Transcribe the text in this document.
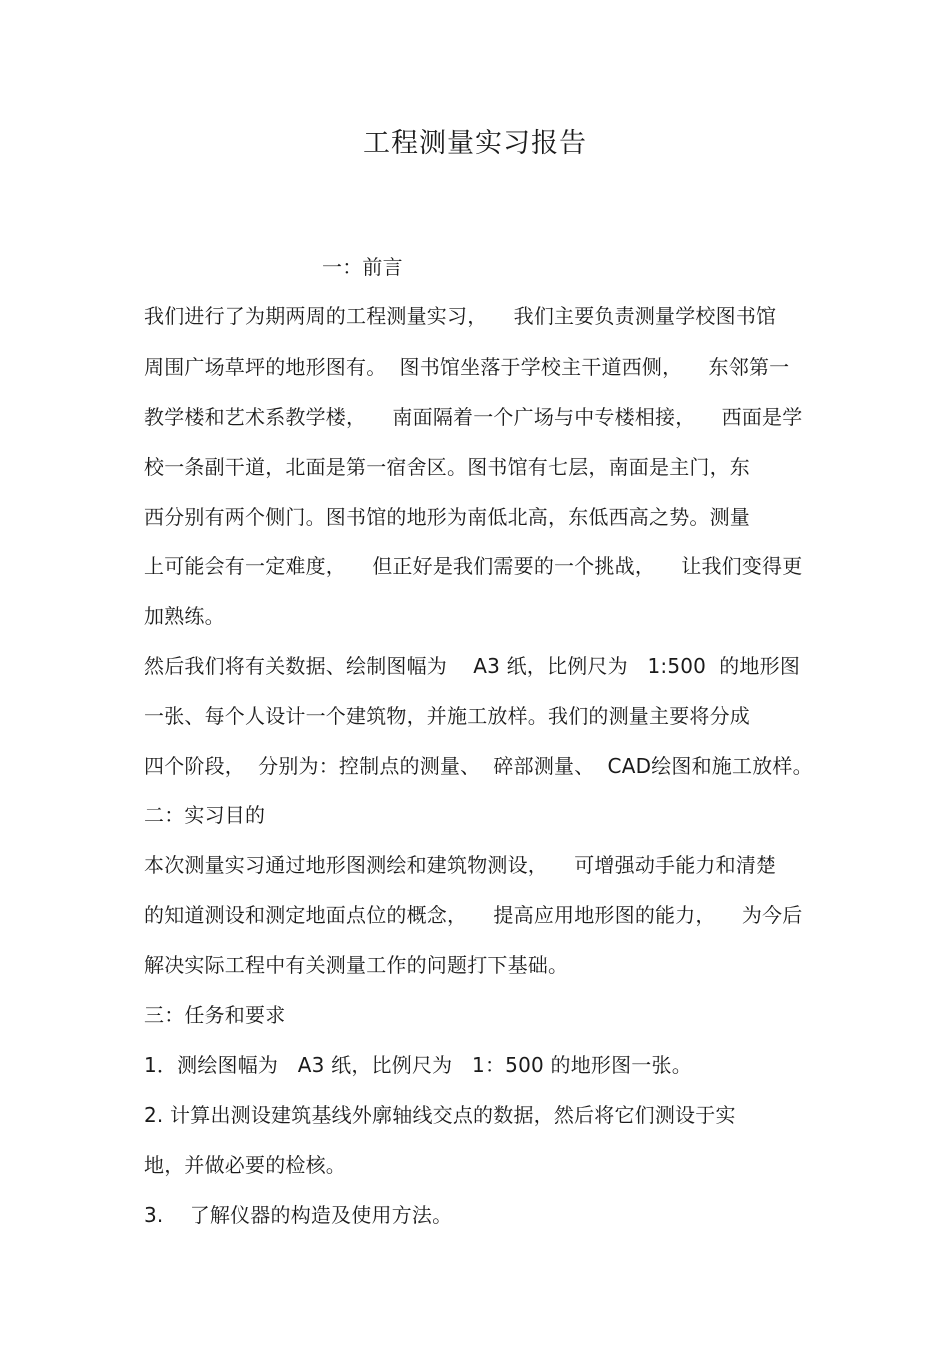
工程测量实习报告
一：前言
我们进行了为期两周的工程测量实习，    我们主要负责测量学校图书馆
周围广场草坪的地形图有。  图书馆坐落于学校主干道西侧，    东邻第一
教学楼和艺术系教学楼，    南面隔着一个广场与中专楼相接，    西面是学
校一条副干道，北面是第一宿舍区。图书馆有七层，南面是主门，东
西分别有两个侧门。图书馆的地形为南低北高，东低西高之势。测量
上可能会有一定难度，    但正好是我们需要的一个挑战，    让我们变得更
加熟练。
然后我们将有关数据、绘制图幅为    A3 纸，比例尺为   1:500  的地形图
一张、每个人设计一个建筑物，并施工放样。我们的测量主要将分成
四个阶段，  分别为：控制点的测量、  碎部测量、  CAD绘图和施工放样。
二：实习目的
本次测量实习通过地形图测绘和建筑物测设，    可增强动手能力和清楚
的知道测设和测定地面点位的概念，    提高应用地形图的能力，    为今后
解决实际工程中有关测量工作的问题打下基础。
三：任务和要求
1．测绘图幅为   A3 纸，比例尺为   1：500 的地形图一张。
2. 计算出测设建筑基线外廓轴线交点的数据，然后将它们测设于实
地，并做必要的检核。
3.    了解仪器的构造及使用方法。
